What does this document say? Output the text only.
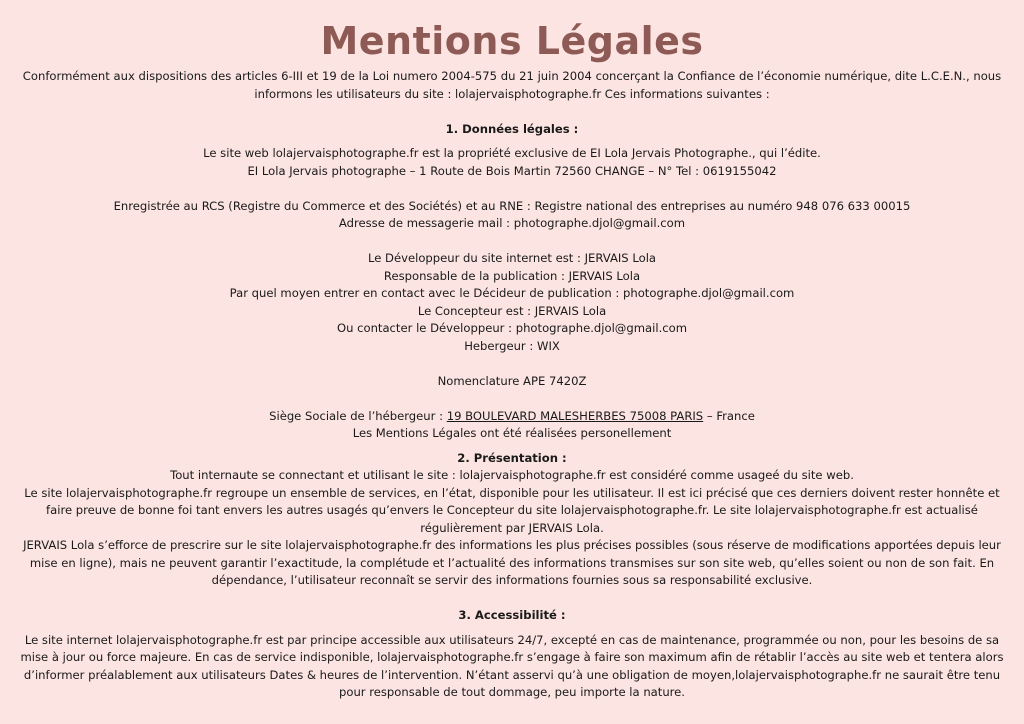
Mentions Légales

Conformément aux dispositions des articles 6-III et 19 de la Loi numero 2004-575 du 21 juin 2004 concerçant la Confiance de l’économie numérique, dite L.C.E.N., nous informons les utilisateurs du site : lolajervaisphotographe.fr Ces informations suivantes :

1. Données légales :

Le site web lolajervaisphotographe.fr est la propriété exclusive de EI Lola Jervais Photographe., qui l’édite.

EI Lola Jervais photographe – 1 Route de Bois Martin 72560 CHANGE – N° Tel : 0619155042

Enregistrée au RCS (Registre du Commerce et des Sociétés) et au RNE : Registre national des entreprises au numéro 948 076 633 00015

Adresse de messagerie mail : photographe.djol@gmail.com

Le Développeur du site internet est : JERVAIS Lola

Responsable de la publication : JERVAIS Lola

Par quel moyen entrer en contact avec le Décideur de publication : photographe.djol@gmail.com

Le Concepteur est : JERVAIS Lola

Ou contacter le Développeur : photographe.djol@gmail.com

Hebergeur : WIX

Nomenclature APE 7420Z

Siège Sociale de l’hébergeur : 19 BOULEVARD MALESHERBES 75008 PARIS – France

Les Mentions Légales ont été réalisées personellement

2. Présentation :

Tout internaute se connectant et utilisant le site : lolajervaisphotographe.fr est considéré comme usageé du site web.

Le site lolajervaisphotographe.fr regroupe un ensemble de services, en l’état, disponible pour les utilisateur. Il est ici précisé que ces derniers doivent rester honnête et faire preuve de bonne foi tant envers les autres usagés qu’envers le Concepteur du site lolajervaisphotographe.fr. Le site lolajervaisphotographe.fr est actualisé régulièrement par JERVAIS Lola.

JERVAIS Lola s’efforce de prescrire sur le site lolajervaisphotographe.fr des informations les plus précises possibles (sous réserve de modifications apportées depuis leur mise en ligne), mais ne peuvent garantir l’exactitude, la complétude et l’actualité des informations transmises sur son site web, qu’elles soient ou non de son fait. En dépendance, l’utilisateur reconnaît se servir des informations fournies sous sa responsabilité exclusive.

3. Accessibilité :

Le site internet lolajervaisphotographe.fr est par principe accessible aux utilisateurs 24/7, excepté en cas de maintenance, programmée ou non, pour les besoins de sa mise à jour ou force majeure. En cas de service indisponible, lolajervaisphotographe.fr s’engage à faire son maximum afin de rétablir l’accès au site web et tentera alors d’informer préalablement aux utilisateurs Dates & heures de l’intervention. N’étant asservi qu’à une obligation de moyen,lolajervaisphotographe.fr ne saurait être tenu pour responsable de tout dommage, peu importe la nature.
